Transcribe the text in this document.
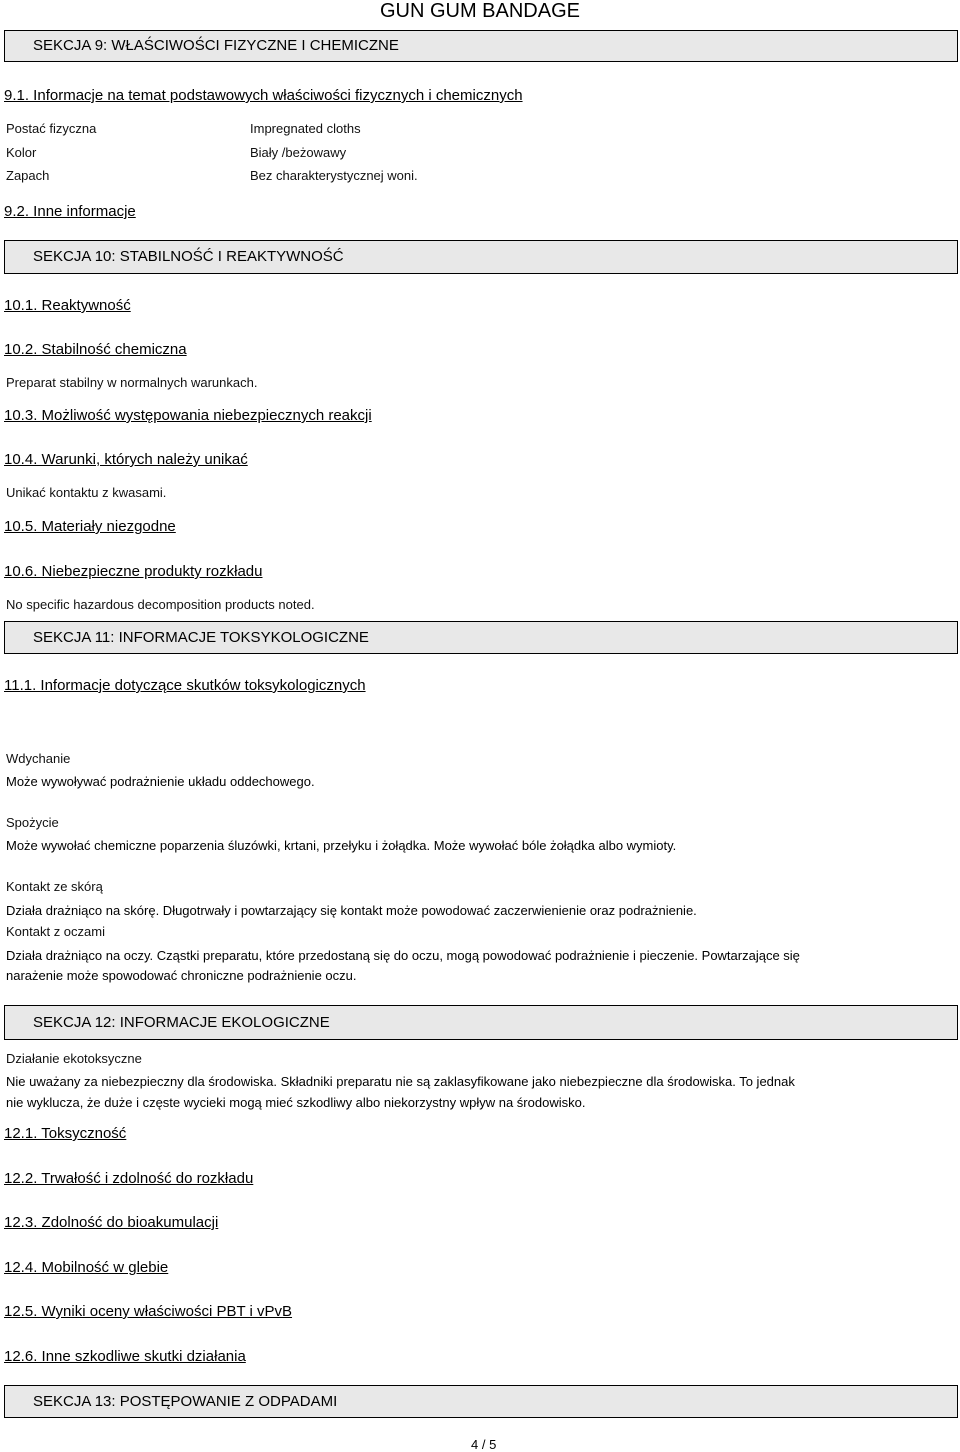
GUN GUM BANDAGE
SEKCJA 9: WŁAŚCIWOŚCI FIZYCZNE I CHEMICZNE
9.1. Informacje na temat podstawowych właściwości fizycznych i chemicznych
Postać fizyczna	Impregnated cloths
Kolor	Biały /beżowawy
Zapach	Bez charakterystycznej woni.
9.2. Inne informacje
SEKCJA 10: STABILNOŚĆ I REAKTYWNOŚĆ
10.1. Reaktywność
10.2. Stabilność chemiczna
Preparat stabilny w normalnych warunkach.
10.3. Możliwość występowania niebezpiecznych reakcji
10.4. Warunki, których należy unikać
Unikać kontaktu z kwasami.
10.5. Materiały niezgodne
10.6. Niebezpieczne produkty rozkładu
No specific hazardous decomposition products noted.
SEKCJA 11: INFORMACJE TOKSYKOLOGICZNE
11.1. Informacje dotyczące skutków toksykologicznych
Wdychanie
Może wywoływać podrażnienie układu oddechowego.
Spożycie
Może wywołać chemiczne poparzenia śluzówki, krtani, przełyku i żołądka. Może wywołać bóle żołądka albo wymioty.
Kontakt ze skórą
Działa drażniąco na skórę. Długotrwały i powtarzający się kontakt może powodować zaczerwienienie oraz podrażnienie.
Kontakt z oczami
Działa drażniąco na oczy. Cząstki preparatu, które przedostaną się do oczu, mogą powodować podrażnienie i pieczenie. Powtarzające się
narażenie może spowodować chroniczne podrażnienie oczu.
SEKCJA 12: INFORMACJE EKOLOGICZNE
Działanie ekotoksyczne
Nie uważany za niebezpieczny dla środowiska. Składniki preparatu nie są zaklasyfikowane jako niebezpieczne dla środowiska. To jednak
nie wyklucza, że duże i częste wycieki mogą mieć szkodliwy albo niekorzystny wpływ na środowisko.
12.1. Toksyczność
12.2. Trwałość i zdolność do rozkładu
12.3. Zdolność do bioakumulacji
12.4. Mobilność w glebie
12.5. Wyniki oceny właściwości PBT i vPvB
12.6. Inne szkodliwe skutki działania
SEKCJA 13: POSTĘPOWANIE Z ODPADAMI
4 / 5
